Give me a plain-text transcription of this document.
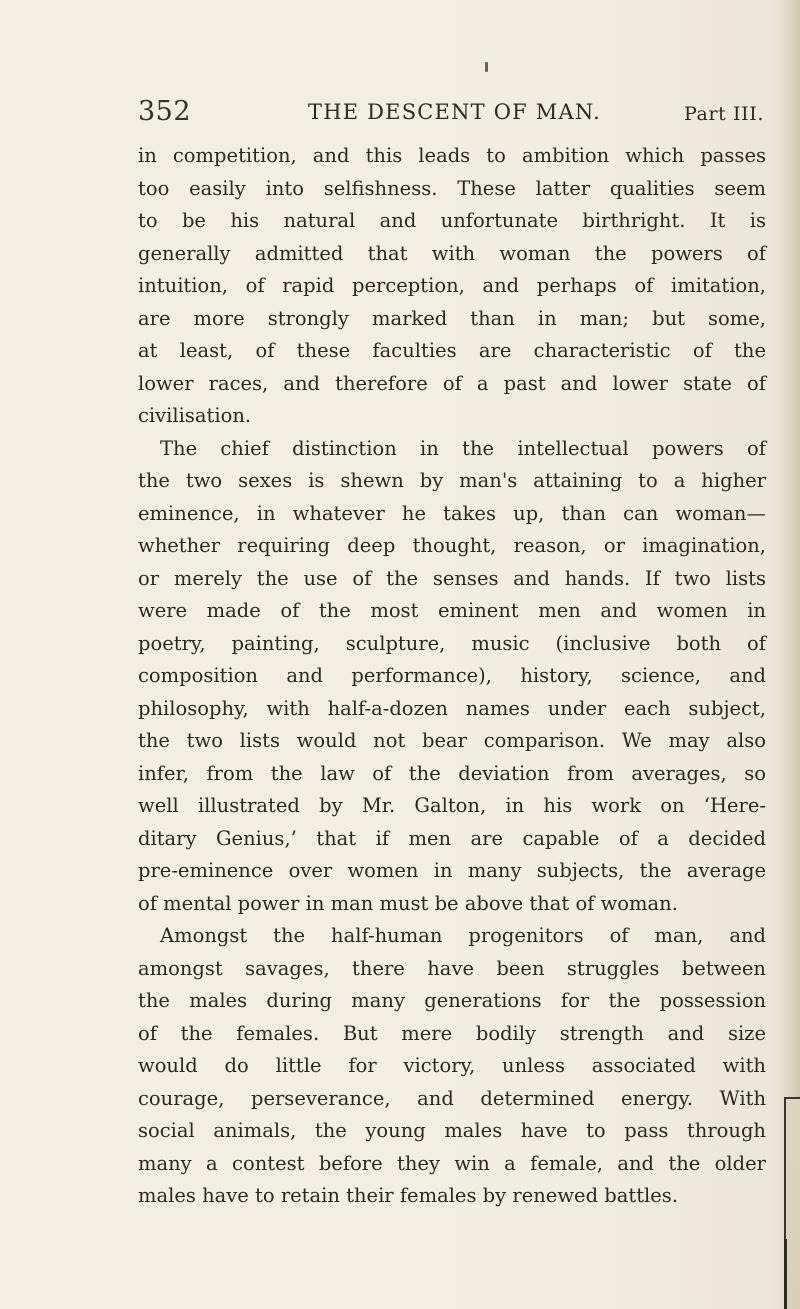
352	THE DESCENT OF MAN.	Part III.
in competition, and this leads to ambition which passes
too easily into selfishness. These latter qualities seem
to be his natural and unfortunate birthright. It is
generally admitted that with woman the powers of
intuition, of rapid perception, and perhaps of imitation,
are more strongly marked than in man; but some,
at least, of these faculties are characteristic of the
lower races, and therefore of a past and lower state of
civilisation.
The chief distinction in the intellectual powers of
the two sexes is shewn by man's attaining to a higher
eminence, in whatever he takes up, than can woman—
whether requiring deep thought, reason, or imagination,
or merely the use of the senses and hands. If two lists
were made of the most eminent men and women in
poetry, painting, sculpture, music (inclusive both of
composition and performance), history, science, and
philosophy, with half-a-dozen names under each subject,
the two lists would not bear comparison. We may also
infer, from the law of the deviation from averages, so
well illustrated by Mr. Galton, in his work on ‘Here-
ditary Genius,’ that if men are capable of a decided
pre-eminence over women in many subjects, the average
of mental power in man must be above that of woman.
Amongst the half-human progenitors of man, and
amongst savages, there have been struggles between
the males during many generations for the possession
of the females. But mere bodily strength and size
would do little for victory, unless associated with
courage, perseverance, and determined energy. With
social animals, the young males have to pass through
many a contest before they win a female, and the older
males have to retain their females by renewed battles.
